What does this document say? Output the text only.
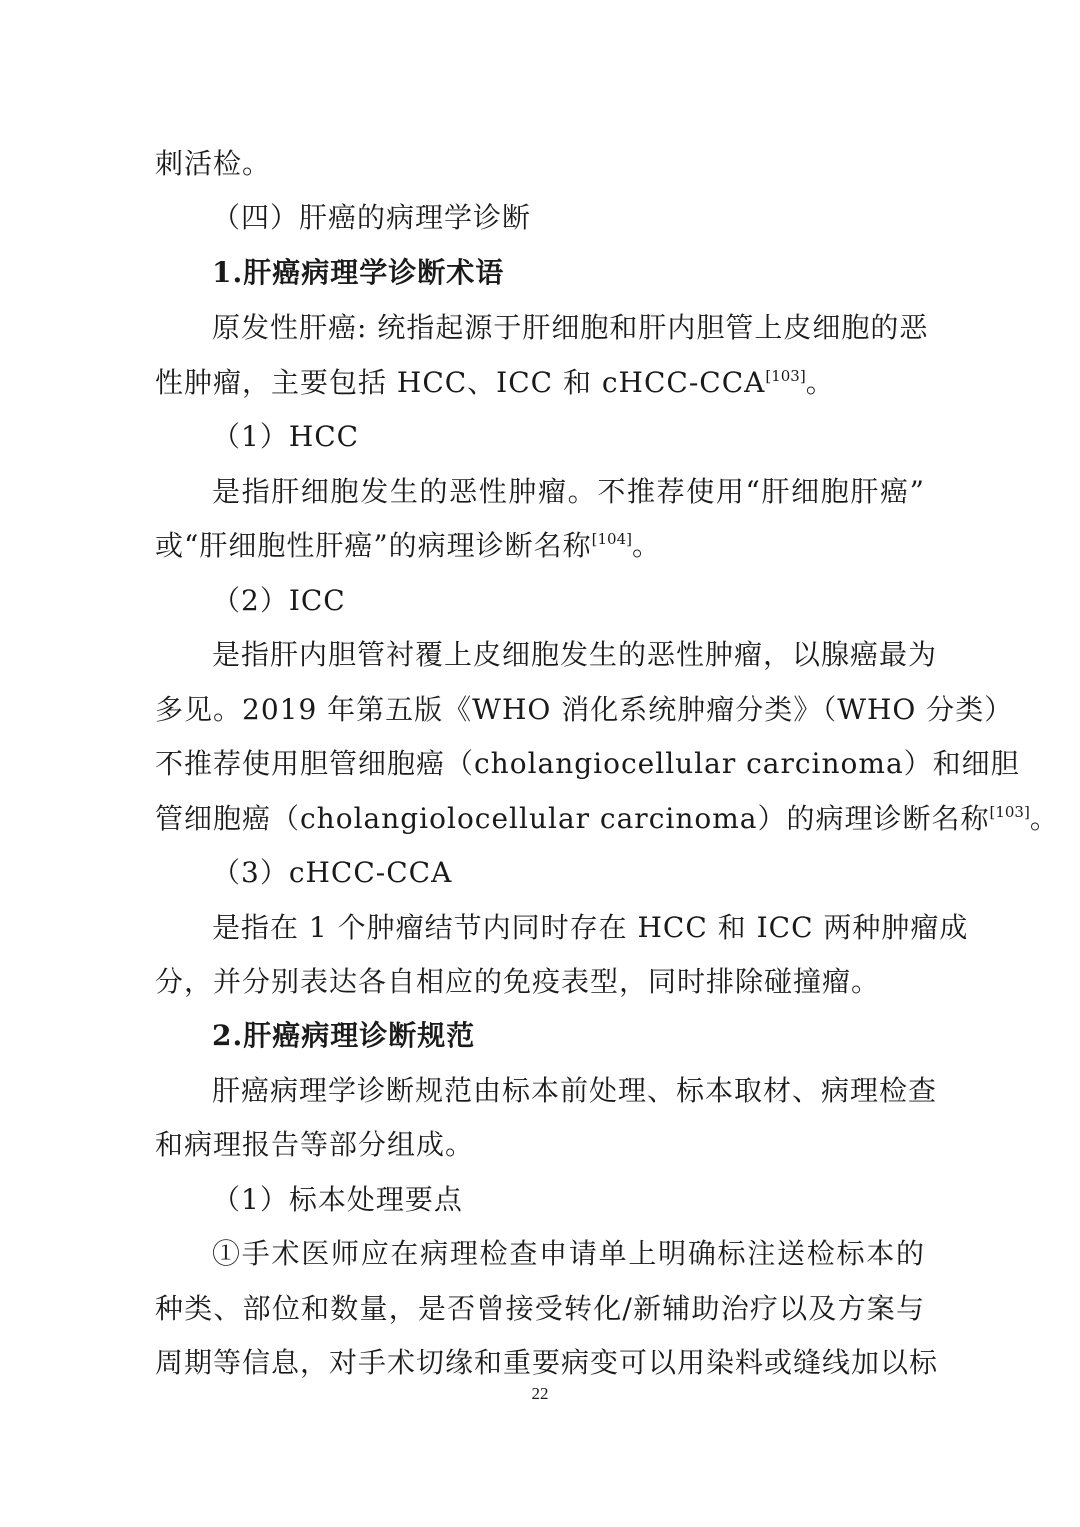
刺活检。
（四）肝癌的病理学诊断
1.肝癌病理学诊断术语
原发性肝癌: 统指起源于肝细胞和肝内胆管上皮细胞的恶
性肿瘤，主要包括 HCC、ICC 和 cHCC-CCA[103]。
（1）HCC
是指肝细胞发生的恶性肿瘤。不推荐使用“肝细胞肝癌”
或“肝细胞性肝癌”的病理诊断名称[104]。
（2）ICC
是指肝内胆管衬覆上皮细胞发生的恶性肿瘤，以腺癌最为
多见。2019 年第五版《WHO 消化系统肿瘤分类》（WHO 分类）
不推荐使用胆管细胞癌（cholangiocellular carcinoma）和细胆
管细胞癌（cholangiolocellular carcinoma）的病理诊断名称[103]。
（3）cHCC-CCA
是指在 1 个肿瘤结节内同时存在 HCC 和 ICC 两种肿瘤成
分，并分别表达各自相应的免疫表型，同时排除碰撞瘤。
2.肝癌病理诊断规范
肝癌病理学诊断规范由标本前处理、标本取材、病理检查
和病理报告等部分组成。
（1）标本处理要点
①手术医师应在病理检查申请单上明确标注送检标本的
种类、部位和数量，是否曾接受转化/新辅助治疗以及方案与
周期等信息，对手术切缘和重要病变可以用染料或缝线加以标
22
